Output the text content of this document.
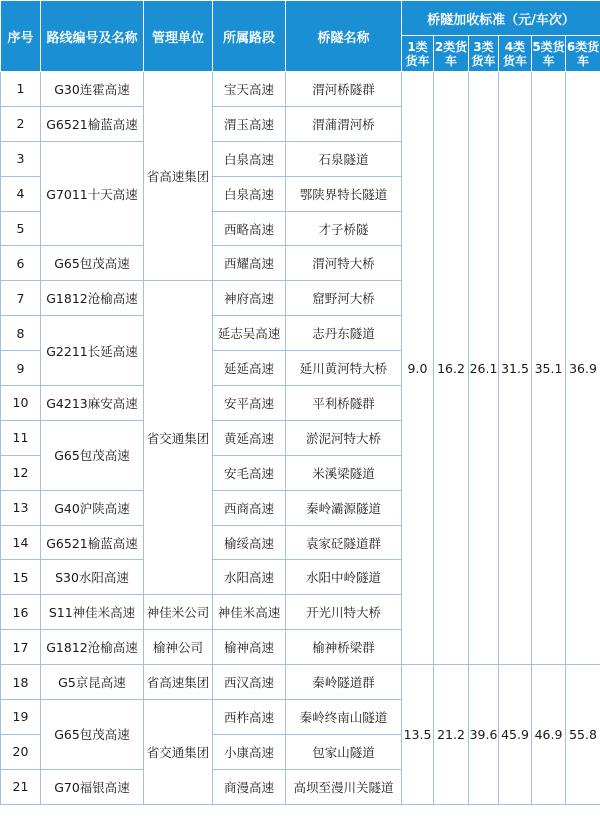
序号	路线编号及名称	管理单位	所属路段	桥隧名称	桥隧加收标准（元/车次）					
					1类货车	2类货车	3类货车	4类货车	5类货车	6类货车
1	G30连霍高速	省高速集团	宝天高速	渭河桥隧群	9.0	16.2	26.1	31.5	35.1	36.9
2	G6521榆蓝高速		渭玉高速	渭蒲渭河桥						
3	G7011十天高速		白泉高速	石泉隧道						
4			白泉高速	鄂陕界特长隧道						
5			西略高速	才子桥隧						
6	G65包茂高速		西耀高速	渭河特大桥						
7	G1812沧榆高速	省交通集团	神府高速	窟野河大桥						
8	G2211长延高速		延志吴高速	志丹东隧道						
9			延延高速	延川黄河特大桥						
10	G4213麻安高速		安平高速	平利桥隧群						
11	G65包茂高速		黄延高速	淤泥河特大桥						
12			安毛高速	米溪梁隧道						
13	G40沪陕高速		西商高速	秦岭灞源隧道						
14	G6521榆蓝高速		榆绥高速	袁家砭隧道群						
15	S30水阳高速		水阳高速	水阳中岭隧道						
16	S11神佳米高速	神佳米公司	神佳米高速	开光川特大桥						
17	G1812沧榆高速	榆神公司	榆神高速	榆神桥梁群						
18	G5京昆高速	省高速集团	西汉高速	秦岭隧道群	13.5	21.2	39.6	45.9	46.9	55.8
19	G65包茂高速	省交通集团	西柞高速	秦岭终南山隧道						
20			小康高速	包家山隧道						
21	G70福银高速		商漫高速	高坝至漫川关隧道						
